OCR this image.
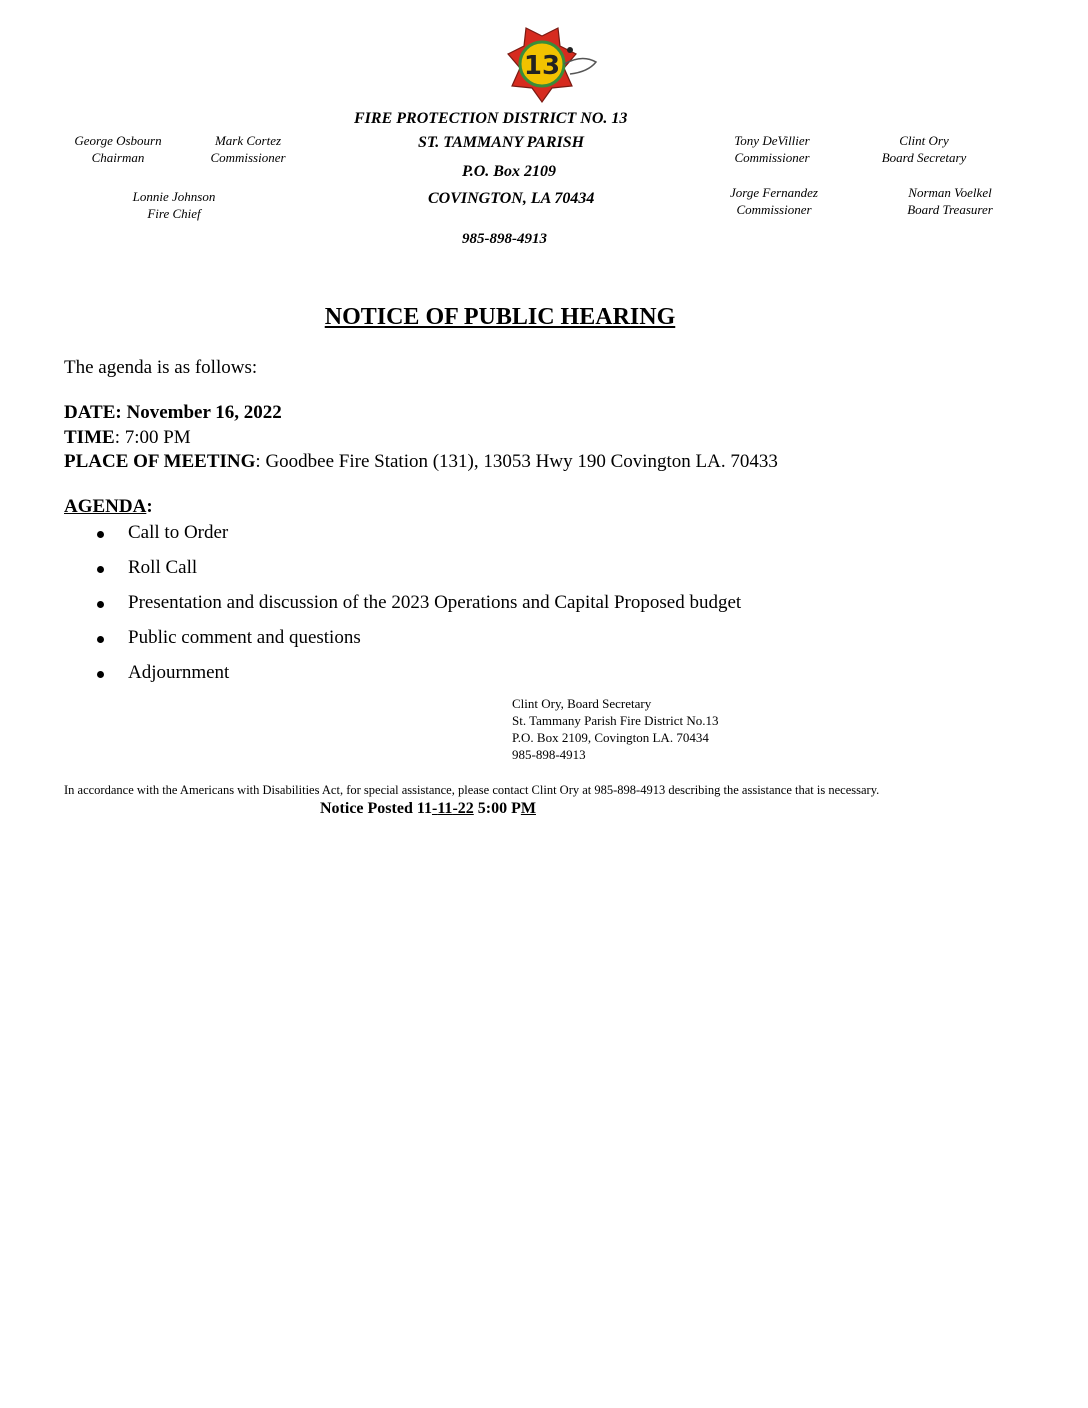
13
FIRE PROTECTION DISTRICT NO. 13
ST. TAMMANY PARISH
P.O. Box 2109
COVINGTON, LA 70434
985-898-4913
George Osbourn
Chairman
Mark Cortez
Commissioner
Lonnie Johnson
Fire Chief
Tony DeVillier
Commissioner
Clint Ory
Board Secretary
Jorge Fernandez
Commissioner
Norman Voelkel
Board Treasurer
NOTICE OF PUBLIC HEARING
The agenda is as follows:
DATE: November 16, 2022
TIME: 7:00 PM
PLACE OF MEETING: Goodbee Fire Station (131), 13053 Hwy 190 Covington LA. 70433
AGENDA:
Call to Order
Roll Call
Presentation and discussion of the 2023 Operations and Capital Proposed budget
Public comment and questions
Adjournment
Clint Ory, Board Secretary
St. Tammany Parish Fire District No.13
P.O. Box 2109, Covington LA. 70434
985-898-4913
In accordance with the Americans with Disabilities Act, for special assistance, please contact Clint Ory at 985-898-4913 describing the assistance that is necessary.
Notice Posted 11-11-22 5:00 PM
